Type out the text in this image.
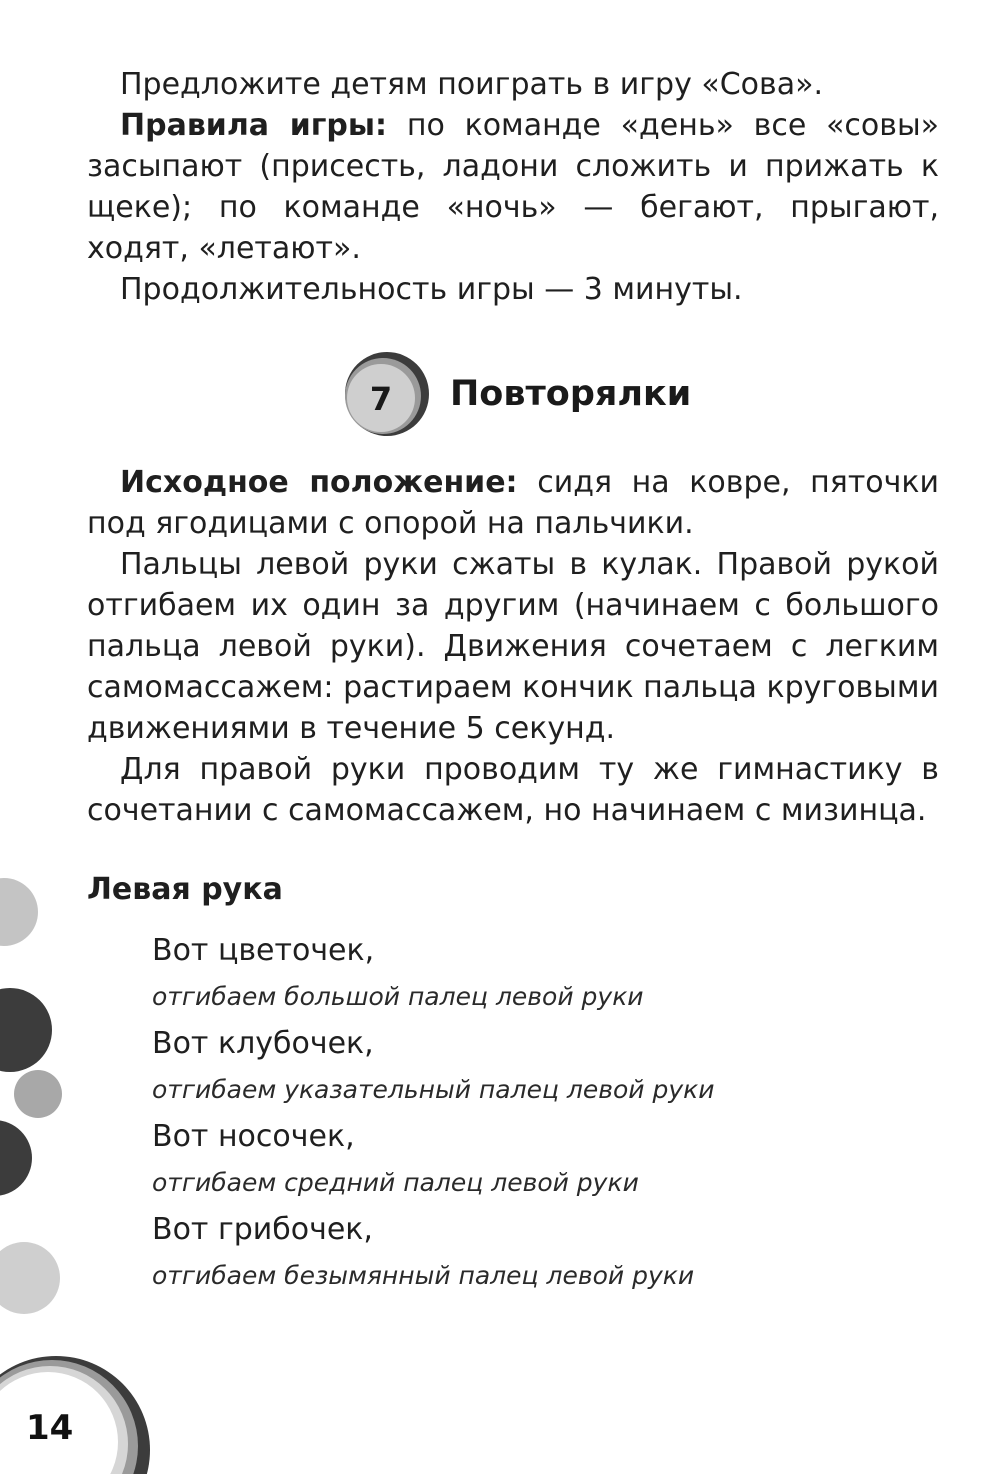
Предложите детям поиграть в игру «Сова».

Правила игры: по команде «день» все «совы» засыпают (присесть, ладони сложить и прижать к щеке); по команде «ночь» — бегают, прыгают, ходят, «летают».

Продолжительность игры — 3 минуты.

7 Повторялки

Исходное положение: сидя на ковре, пяточки под ягодицами с опорой на пальчики.

Пальцы левой руки сжаты в кулак. Правой рукой отгибаем их один за другим (начинаем с большого пальца левой руки). Движения сочетаем с легким самомассажем: растираем кончик пальца круговыми движениями в течение 5 секунд.

Для правой руки проводим ту же гимнастику в сочетании с самомассажем, но начинаем с мизинца.

Левая рука

Вот цветочек,

отгибаем большой палец левой руки

Вот клубочек,

отгибаем указательный палец левой руки

Вот носочек,

отгибаем средний палец левой руки

Вот грибочек,

отгибаем безымянный палец левой руки

14
